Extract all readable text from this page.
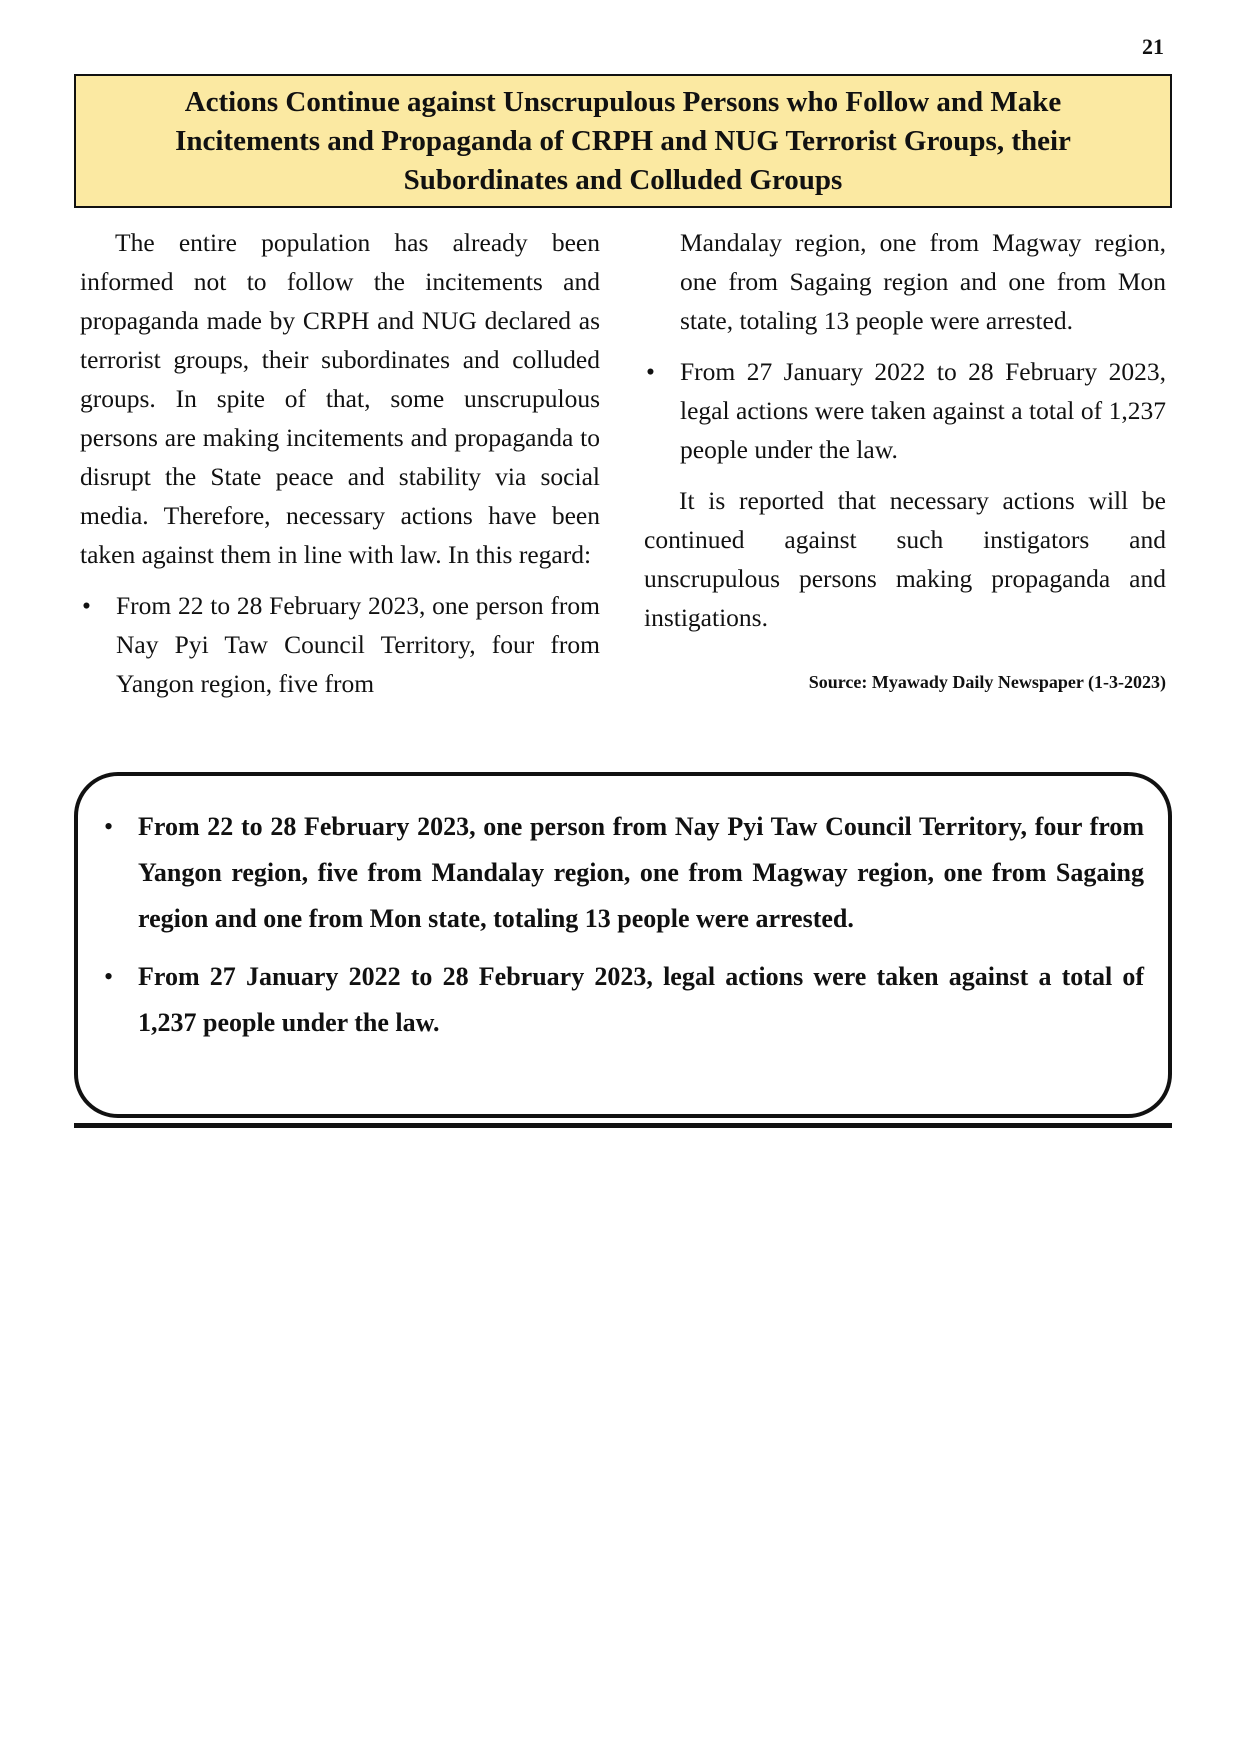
21
Actions Continue against Unscrupulous Persons who Follow and Make Incitements and Propaganda of CRPH and NUG Terrorist Groups, their Subordinates and Colluded Groups

The entire population has already been informed not to follow the incitements and propaganda made by CRPH and NUG declared as terrorist groups, their subordinates and colluded groups. In spite of that, some unscrupulous persons are making incitements and propaganda to disrupt the State peace and stability via social media. Therefore, necessary actions have been taken against them in line with law. In this regard:

• From 22 to 28 February 2023, one person from Nay Pyi Taw Council Territory, four from Yangon region, five from

Mandalay region, one from Magway region, one from Sagaing region and one from Mon state, totaling 13 people were arrested.

• From 27 January 2022 to 28 February 2023, legal actions were taken against a total of 1,237 people under the law.

It is reported that necessary actions will be continued against such instigators and unscrupulous persons making propaganda and instigations.

Source: Myawady Daily Newspaper (1-3-2023)

• From 22 to 28 February 2023, one person from Nay Pyi Taw Council Territory, four from Yangon region, five from Mandalay region, one from Magway region, one from Sagaing region and one from Mon state, totaling 13 people were arrested.
• From 27 January 2022 to 28 February 2023, legal actions were taken against a total of 1,237 people under the law.
